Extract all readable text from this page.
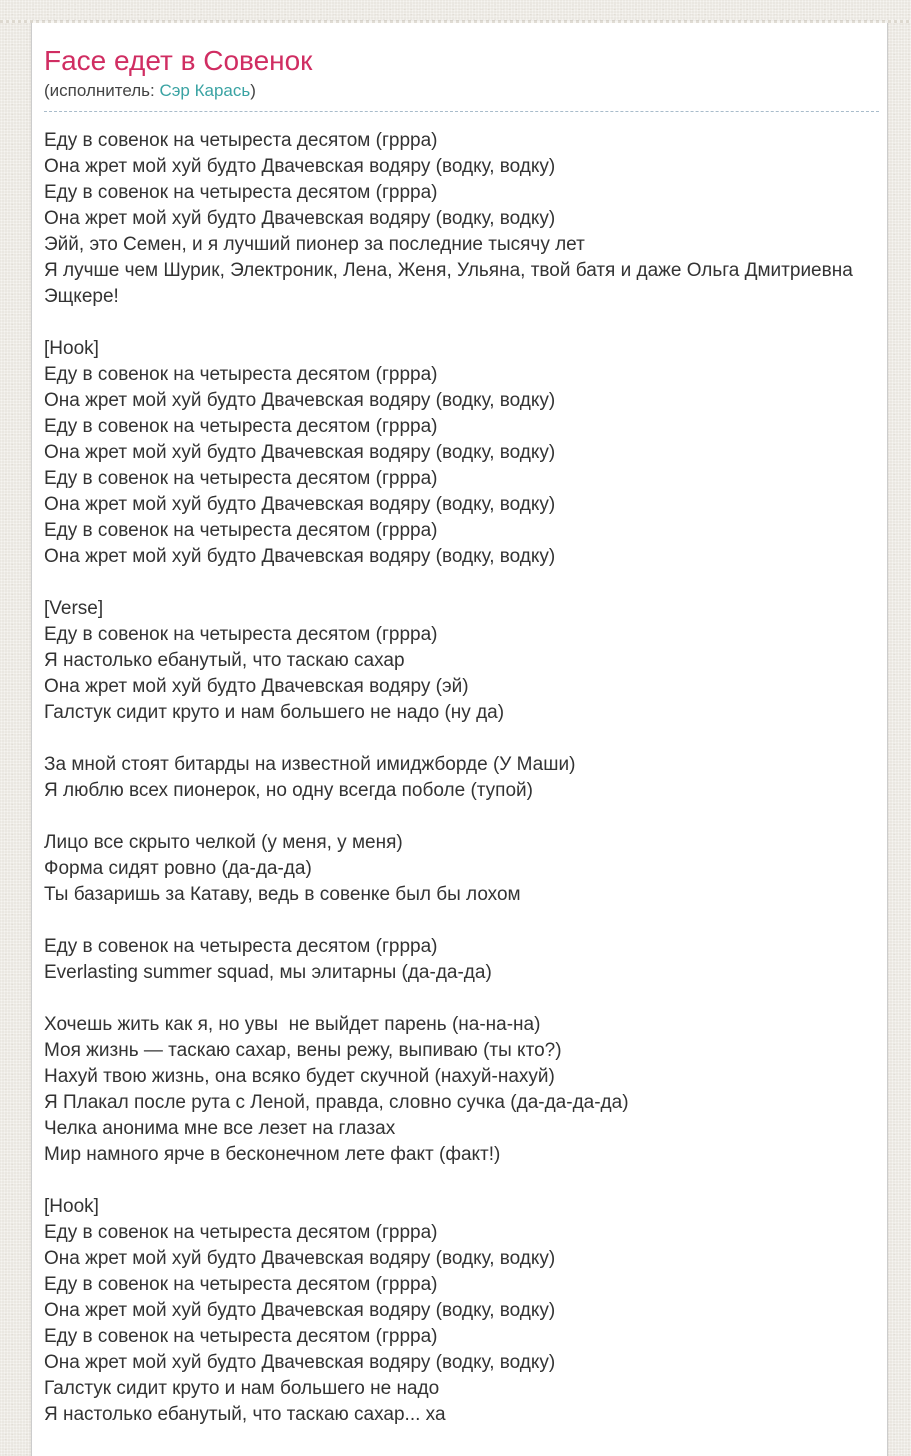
Face едет в Совенок
(исполнитель: Сэр Карась)
Еду в совенок на четыреста десятом (гррра)
Она жрет мой хуй будто Двачевская водяру (водку, водку)
Еду в совенок на четыреста десятом (гррра)
Она жрет мой хуй будто Двачевская водяру (водку, водку)
Эйй, это Семен, и я лучший пионер за последние тысячу лет
Я лучше чем Шурик, Электроник, Лена, Женя, Ульяна, твой батя и даже Ольга Дмитриевна
Эщкере!
[Hook]
Еду в совенок на четыреста десятом (гррра)
Она жрет мой хуй будто Двачевская водяру (водку, водку)
Еду в совенок на четыреста десятом (гррра)
Она жрет мой хуй будто Двачевская водяру (водку, водку)
Еду в совенок на четыреста десятом (гррра)
Она жрет мой хуй будто Двачевская водяру (водку, водку)
Еду в совенок на четыреста десятом (гррра)
Она жрет мой хуй будто Двачевская водяру (водку, водку)
[Verse]
Еду в совенок на четыреста десятом (гррра)
Я настолько ебанутый, что таскаю сахар
Она жрет мой хуй будто Двачевская водяру (эй)
Галстук сидит круто и нам большего не надо (ну да)
За мной стоят битарды на известной имиджборде (У Маши)
Я люблю всех пионерок, но одну всегда поболе (тупой)
Лицо все скрыто челкой (у меня, у меня)
Форма сидят ровно (да-да-да)
Ты базаришь за Катаву, ведь в совенке был бы лохом
Еду в совенок на четыреста десятом (гррра)
Everlasting summer squad, мы элитарны (да-да-да)
Хочешь жить как я, но увы  не выйдет парень (на-на-на)
Моя жизнь — таскаю сахар, вены режу, выпиваю (ты кто?)
Нахуй твою жизнь, она всяко будет скучной (нахуй-нахуй)
Я Плакал после рута с Леной, правда, словно сучка (да-да-да-да)
Челка анонима мне все лезет на глазах
Мир намного ярче в бесконечном лете факт (факт!)
[Hook]
Еду в совенок на четыреста десятом (гррра)
Она жрет мой хуй будто Двачевская водяру (водку, водку)
Еду в совенок на четыреста десятом (гррра)
Она жрет мой хуй будто Двачевская водяру (водку, водку)
Еду в совенок на четыреста десятом (гррра)
Она жрет мой хуй будто Двачевская водяру (водку, водку)
Галстук сидит круто и нам большего не надо
Я настолько ебанутый, что таскаю сахар... ха
